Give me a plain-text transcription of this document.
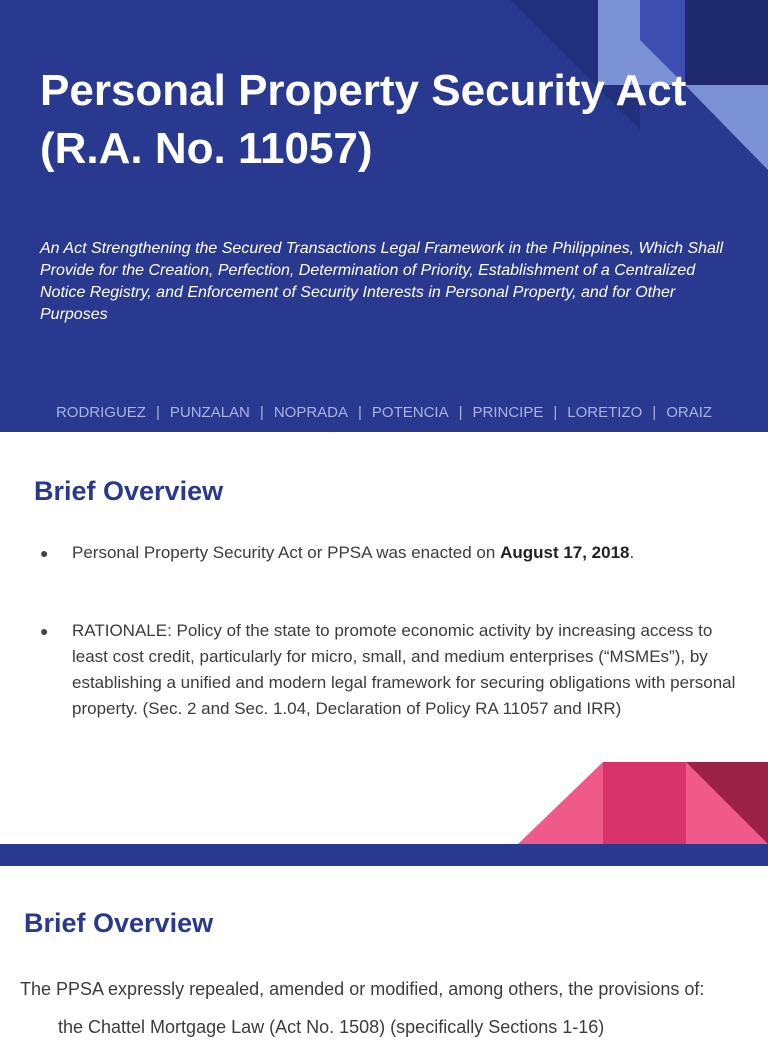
Personal Property Security Act
(R.A. No. 11057)

An Act Strengthening the Secured Transactions Legal Framework in the Philippines, Which Shall Provide for the Creation, Perfection, Determination of Priority, Establishment of a Centralized Notice Registry, and Enforcement of Security Interests in Personal Property, and for Other Purposes

RODRIGUEZ | PUNZALAN | NOPRADA | POTENCIA | PRINCIPE | LORETIZO | ORAIZ
Brief Overview
● Personal Property Security Act or PPSA was enacted on August 17, 2018.
● RATIONALE: Policy of the state to promote economic activity by increasing access to least cost credit, particularly for micro, small, and medium enterprises (“MSMEs”), by establishing a unified and modern legal framework for securing obligations with personal property. (Sec. 2 and Sec. 1.04, Declaration of Policy RA 11057 and IRR)
Brief Overview

The PPSA expressly repealed, amended or modified, among others, the provisions of:

the Chattel Mortgage Law (Act No. 1508) (specifically Sections 1-16)
